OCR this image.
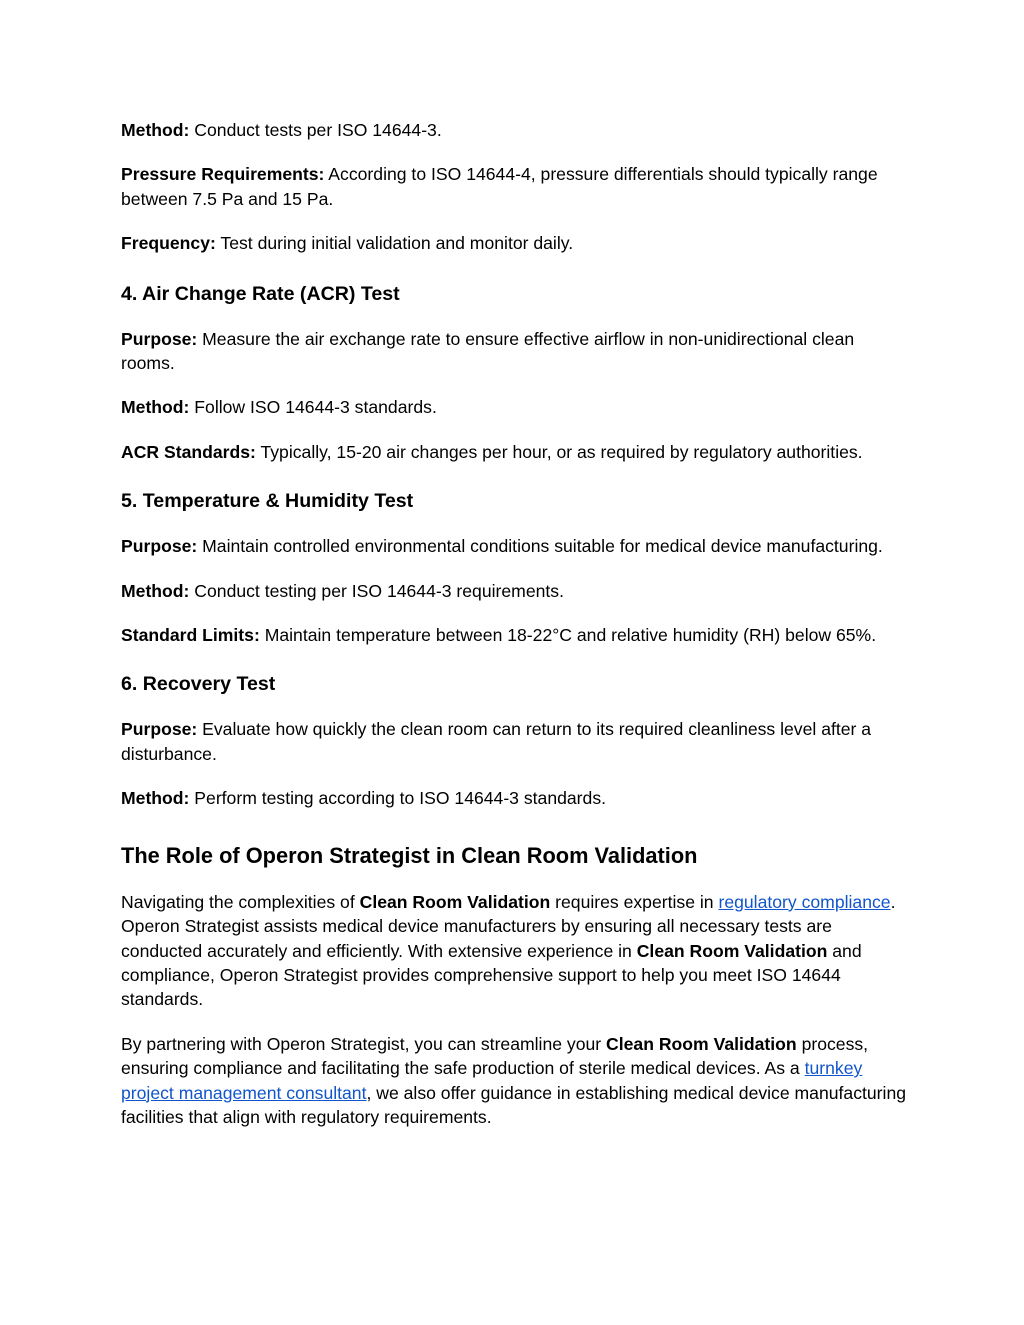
Method: Conduct tests per ISO 14644-3.

Pressure Requirements: According to ISO 14644-4, pressure differentials should typically range between 7.5 Pa and 15 Pa.

Frequency: Test during initial validation and monitor daily.

4. Air Change Rate (ACR) Test

Purpose: Measure the air exchange rate to ensure effective airflow in non-unidirectional clean rooms.

Method: Follow ISO 14644-3 standards.

ACR Standards: Typically, 15-20 air changes per hour, or as required by regulatory authorities.

5. Temperature & Humidity Test

Purpose: Maintain controlled environmental conditions suitable for medical device manufacturing.

Method: Conduct testing per ISO 14644-3 requirements.

Standard Limits: Maintain temperature between 18-22°C and relative humidity (RH) below 65%.

6. Recovery Test

Purpose: Evaluate how quickly the clean room can return to its required cleanliness level after a disturbance.

Method: Perform testing according to ISO 14644-3 standards.

The Role of Operon Strategist in Clean Room Validation

Navigating the complexities of Clean Room Validation requires expertise in regulatory compliance. Operon Strategist assists medical device manufacturers by ensuring all necessary tests are conducted accurately and efficiently. With extensive experience in Clean Room Validation and compliance, Operon Strategist provides comprehensive support to help you meet ISO 14644 standards.

By partnering with Operon Strategist, you can streamline your Clean Room Validation process, ensuring compliance and facilitating the safe production of sterile medical devices. As a turnkey project management consultant, we also offer guidance in establishing medical device manufacturing facilities that align with regulatory requirements.
